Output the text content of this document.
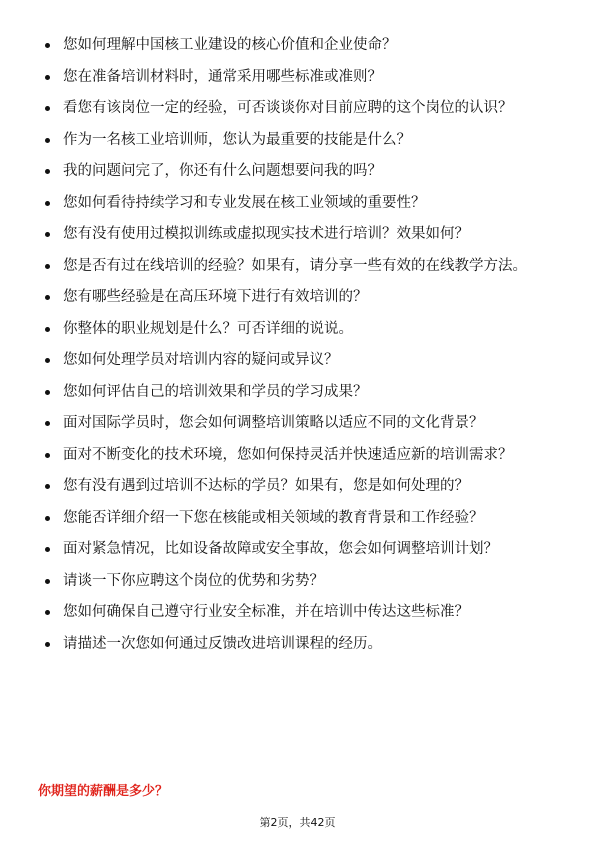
您如何理解中国核工业建设的核心价值和企业使命？
您在准备培训材料时，通常采用哪些标准或准则？
看您有该岗位一定的经验，可否谈谈你对目前应聘的这个岗位的认识？
作为一名核工业培训师，您认为最重要的技能是什么？
我的问题问完了，你还有什么问题想要问我的吗？
您如何看待持续学习和专业发展在核工业领域的重要性？
您有没有使用过模拟训练或虚拟现实技术进行培训？效果如何？
您是否有过在线培训的经验？如果有，请分享一些有效的在线教学方法。
您有哪些经验是在高压环境下进行有效培训的？
你整体的职业规划是什么？可否详细的说说。
您如何处理学员对培训内容的疑问或异议？
您如何评估自己的培训效果和学员的学习成果？
面对国际学员时，您会如何调整培训策略以适应不同的文化背景？
面对不断变化的技术环境，您如何保持灵活并快速适应新的培训需求？
您有没有遇到过培训不达标的学员？如果有，您是如何处理的？
您能否详细介绍一下您在核能或相关领域的教育背景和工作经验？
面对紧急情况，比如设备故障或安全事故，您会如何调整培训计划？
请谈一下你应聘这个岗位的优势和劣势？
您如何确保自己遵守行业安全标准，并在培训中传达这些标准？
请描述一次您如何通过反馈改进培训课程的经历。
你期望的薪酬是多少？
第2页，共42页
